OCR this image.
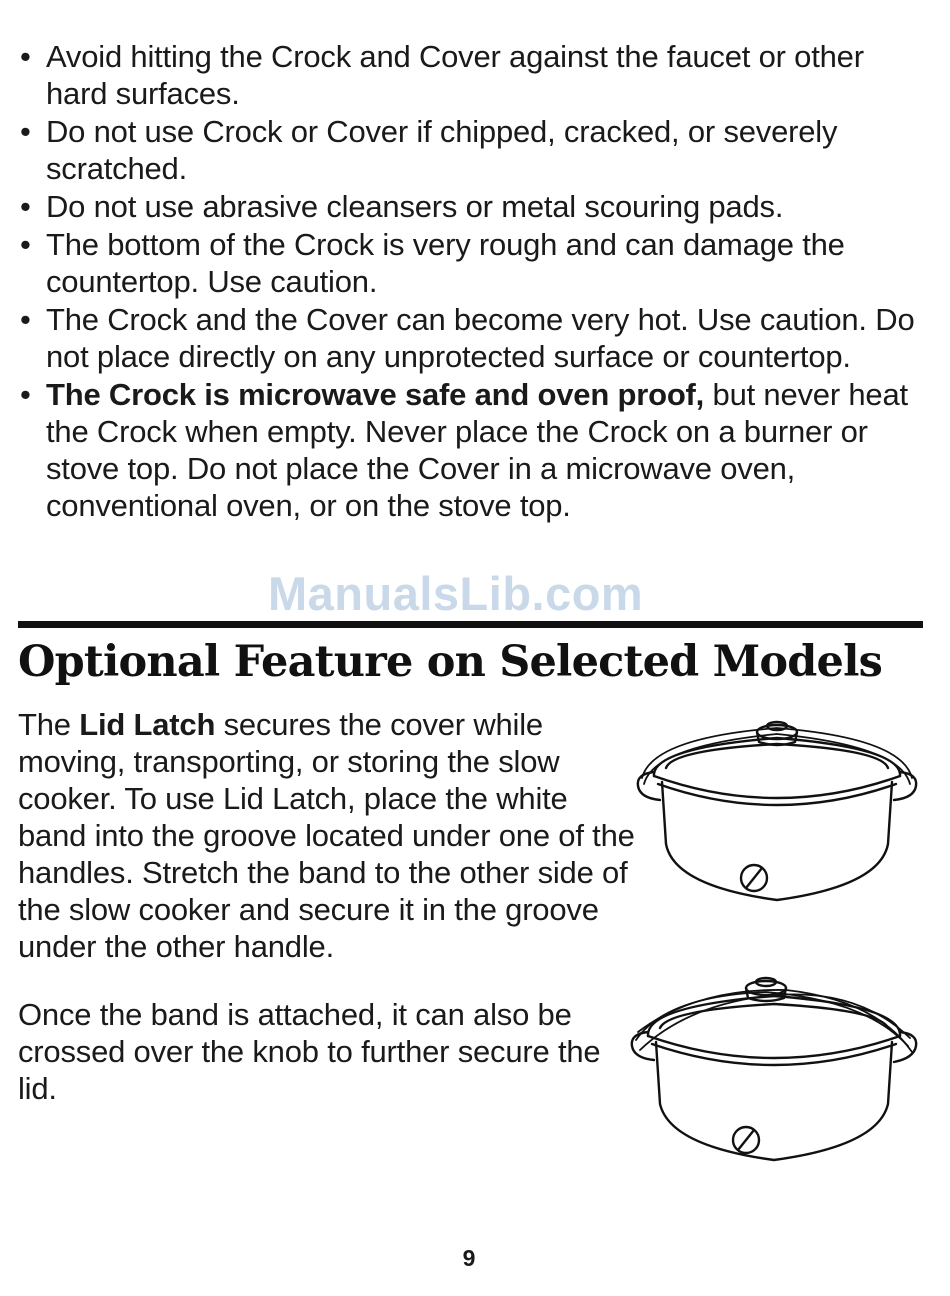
• Avoid hitting the Crock and Cover against the faucet or other hard surfaces.
• Do not use Crock or Cover if chipped, cracked, or severely scratched.
• Do not use abrasive cleansers or metal scouring pads.
• The bottom of the Crock is very rough and can damage the countertop. Use caution.
• The Crock and the Cover can become very hot. Use caution. Do not place directly on any unprotected surface or countertop.
• The Crock is microwave safe and oven proof, but never heat the Crock when empty. Never place the Crock on a burner or stove top. Do not place the Cover in a microwave oven, conventional oven, or on the stove top.
ManualsLib.com
Optional Feature on Selected Models

The Lid Latch secures the cover while moving, transporting, or storing the slow cooker. To use Lid Latch, place the white band into the groove located under one of the handles. Stretch the band to the other side of the slow cooker and secure it in the groove under the other handle.

Once the band is attached, it can also be crossed over the knob to further secure the lid.

9
